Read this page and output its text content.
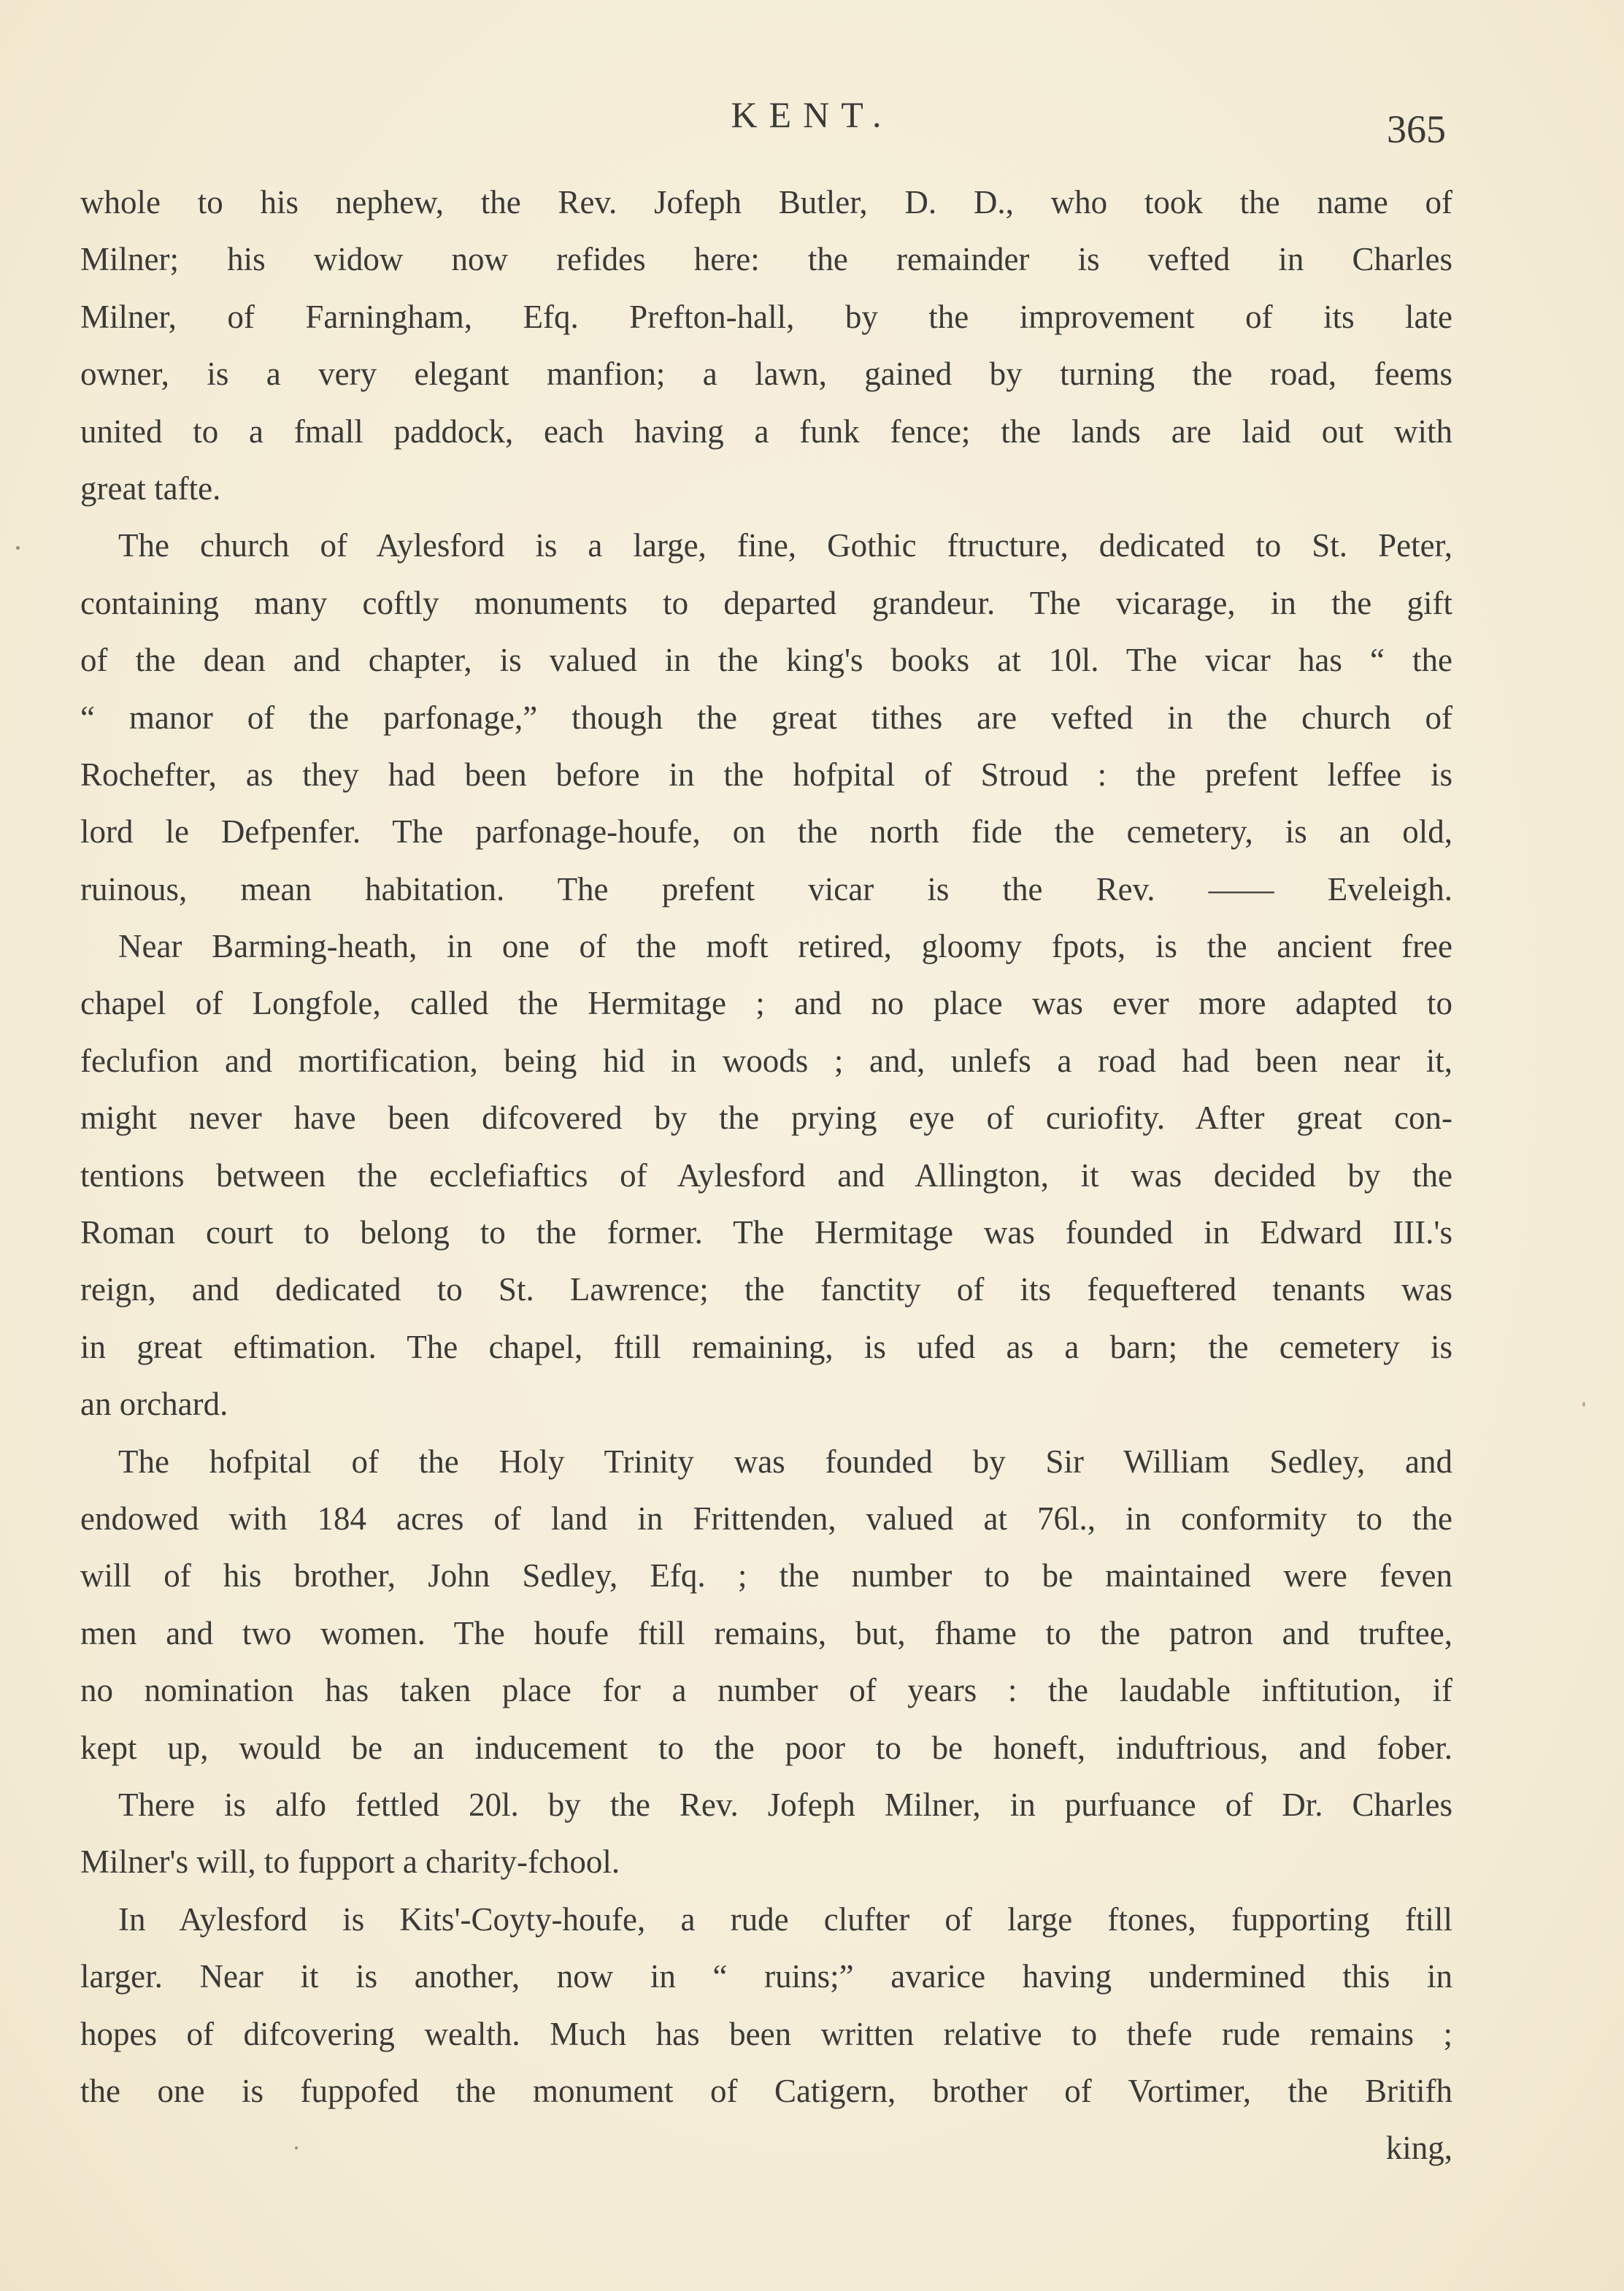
KENT.	365
whole to his nephew, the Rev. Jofeph Butler, D. D., who took the name of
Milner; his widow now refides here: the remainder is vefted in Charles
Milner, of Farningham, Efq. Prefton-hall, by the improvement of its late
owner, is a very elegant manfion; a lawn, gained by turning the road, feems
united to a fmall paddock, each having a funk fence; the lands are laid out with
great tafte.
The church of Aylesford is a large, fine, Gothic ftructure, dedicated to St. Peter,
containing many coftly monuments to departed grandeur. The vicarage, in the gift
of the dean and chapter, is valued in the king's books at 10l. The vicar has “ the
“ manor of the parfonage,” though the great tithes are vefted in the church of
Rochefter, as they had been before in the hofpital of Stroud : the prefent leffee is
lord le Defpenfer. The parfonage-houfe, on the north fide the cemetery, is an old,
ruinous, mean habitation. The prefent vicar is the Rev. —— Eveleigh.
Near Barming-heath, in one of the moft retired, gloomy fpots, is the ancient free
chapel of Longfole, called the Hermitage ; and no place was ever more adapted to
feclufion and mortification, being hid in woods ; and, unlefs a road had been near it,
might never have been difcovered by the prying eye of curiofity. After great con-
tentions between the ecclefiaftics of Aylesford and Allington, it was decided by the
Roman court to belong to the former. The Hermitage was founded in Edward III.'s
reign, and dedicated to St. Lawrence; the fanctity of its fequeftered tenants was
in great eftimation. The chapel, ftill remaining, is ufed as a barn; the cemetery is
an orchard.
The hofpital of the Holy Trinity was founded by Sir William Sedley, and
endowed with 184 acres of land in Frittenden, valued at 76l., in conformity to the
will of his brother, John Sedley, Efq. ; the number to be maintained were feven
men and two women. The houfe ftill remains, but, fhame to the patron and truftee,
no nomination has taken place for a number of years : the laudable inftitution, if
kept up, would be an inducement to the poor to be honeft, induftrious, and fober.
There is alfo fettled 20l. by the Rev. Jofeph Milner, in purfuance of Dr. Charles
Milner's will, to fupport a charity-fchool.
In Aylesford is Kits'-Coyty-houfe, a rude clufter of large ftones, fupporting ftill
larger. Near it is another, now in “ ruins;” avarice having undermined this in
hopes of difcovering wealth. Much has been written relative to thefe rude remains ;
the one is fuppofed the monument of Catigern, brother of Vortimer, the Britifh
king,
